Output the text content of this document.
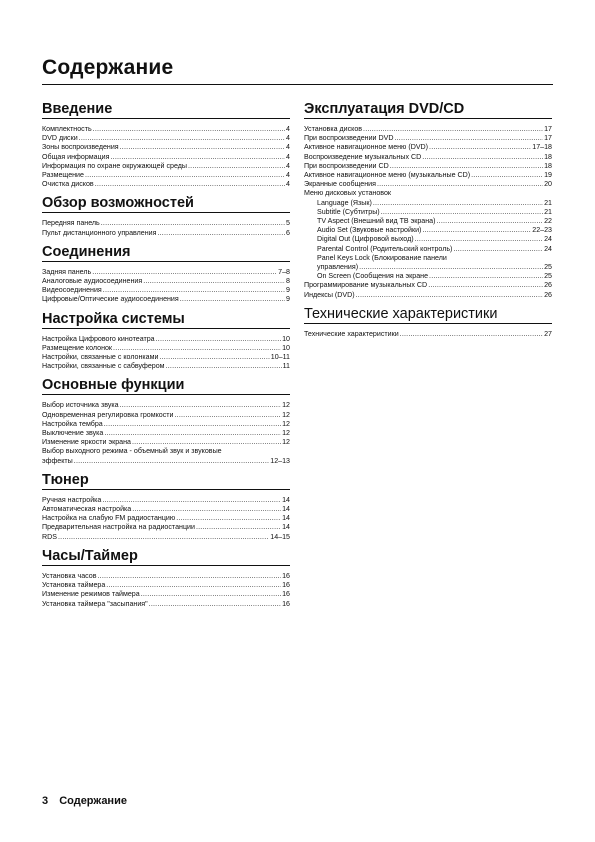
Содержание
Введение
Комплектность .....	4
DVD диски .....	4
Зоны воспроизведения .....	4
Общая информация .....	4
Информация по охране окружающей среды .....	4
Размещение .....	4
Очистка дисков .....	4
Обзор возможностей
Передняя панель .....	5
Пульт дистанционного управления .....	6
Соединения
Задняя панель .....	7–8
Аналоговые аудиосоединения .....	8
Видеосоединения .....	9
Цифровые/Оптические аудиосоединения .....	9
Настройка системы
Настройка Цифрового кинотеатра .....	10
Размещение колонок .....	10
Настройки, связанные с колонками .....	10–11
Настройки, связанные с сабвуфером .....	11
Основные функции
Выбор источника звука .....	12
Одновременная регулировка громкости .....	12
Настройка тембра .....	12
Выключение звука .....	12
Изменение яркости экрана .....	12
Выбор выходного режима - объемный звук и звуковые
эффекты .....	12–13
Тюнер
Ручная настройка .....	14
Автоматическая настройка .....	14
Настройка на слабую FM радиостанцию .....	14
Предварительная настройка на радиостанции .....	14
RDS .....	14–15
Часы/Таймер
Установка часов .....	16
Установка таймера .....	16
Изменение режимов таймера .....	16
Установка таймера "засыпания" .....	16
Эксплуатация DVD/CD
Установка дисков .....	17
При воспроизведении DVD .....	17
Активное навигационное меню (DVD) .....	17–18
Воспроизведение музыкальных CD .....	18
При воспроизведении CD .....	18
Активное навигационное меню (музыкальные CD) .....	19
Экранные сообщения .....	20
Меню дисковых установок
Language (Язык) .....	21
Subtitle (Субтитры) .....	21
TV Aspect (Внешний вид ТВ экрана) .....	22
Audio Set (Звуковые настройки) .....	22–23
Digital Out (Цифровой выход) .....	24
Parental Control (Родительский контроль) .....	24
Panel Keys Lock (Блокирование панели
управления) .....	25
On Screen (Сообщения на экране .....	25
Программирование музыкальных CD .....	26
Индексы (DVD) .....	26
Технические характеристики
Технические характеристики .....	27
3 Содержание
